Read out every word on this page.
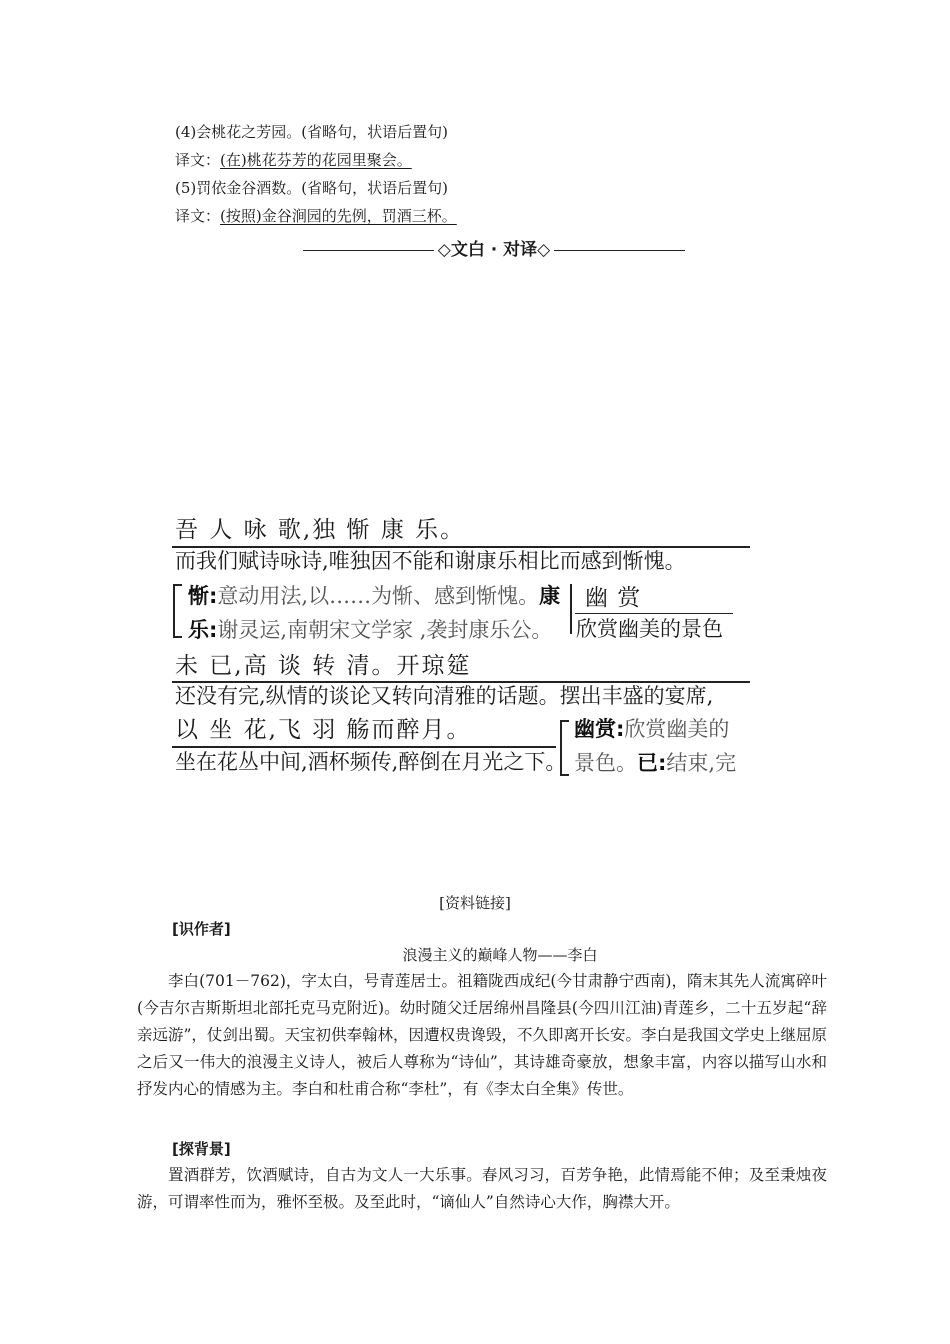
(4)会桃花之芳园。(省略句，状语后置句)
译文：(在)桃花芬芳的花园里聚会。
(5)罚依金谷酒数。(省略句，状语后置句)
译文：(按照)金谷涧园的先例，罚酒三杯。
◇文白 · 对译◇
吾 人 咏 歌,独 惭 康 乐。
而我们赋诗咏诗,唯独因不能和谢康乐相比而感到惭愧。
惭:意动用法,以……为惭、感到惭愧。康
乐:谢灵运,南朝宋文学家 ,袭封康乐公。
幽 赏
欣赏幽美的景色
未 已,高 谈 转 清。开琼筵
还没有完,纵情的谈论又转向清雅的话题。摆出丰盛的宴席,
以 坐 花,飞 羽 觞而醉月。
坐在花丛中间,酒杯频传,醉倒在月光之下。
幽赏:欣赏幽美的
景色。已:结束,完
[资料链接]
[识作者]
浪漫主义的巅峰人物——李白
李白(701－762)，字太白，号青莲居士。祖籍陇西成纪(今甘肃静宁西南)，隋末其先人流寓碎叶(今吉尔吉斯斯坦北部托克马克附近)。幼时随父迁居绵州昌隆县(今四川江油)青莲乡，二十五岁起“辞亲远游”，仗剑出蜀。天宝初供奉翰林，因遭权贵谗毁，不久即离开长安。李白是我国文学史上继屈原之后又一伟大的浪漫主义诗人，被后人尊称为“诗仙”，其诗雄奇豪放，想象丰富，内容以描写山水和抒发内心的情感为主。李白和杜甫合称“李杜”，有《李太白全集》传世。
[探背景]
置酒群芳，饮酒赋诗，自古为文人一大乐事。春风习习，百芳争艳，此情焉能不伸；及至秉烛夜游，可谓率性而为，雅怀至极。及至此时，“谪仙人”自然诗心大作，胸襟大开。
